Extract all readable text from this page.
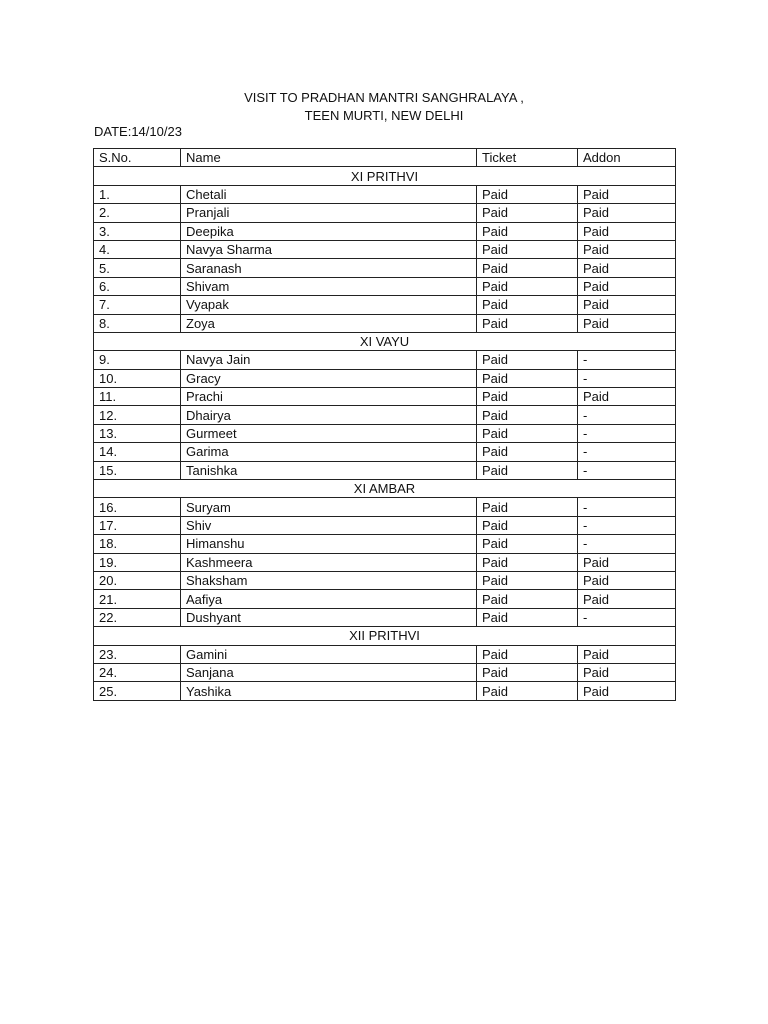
VISIT TO PRADHAN MANTRI SANGHRALAYA ,
TEEN MURTI, NEW DELHI
DATE:14/10/23
S.No.	Name	Ticket	Addon
XI PRITHVI			
1.	Chetali	Paid	Paid
2.	Pranjali	Paid	Paid
3.	Deepika	Paid	Paid
4.	Navya Sharma	Paid	Paid
5.	Saranash	Paid	Paid
6.	Shivam	Paid	Paid
7.	Vyapak	Paid	Paid
8.	Zoya	Paid	Paid
XI VAYU			
9.	Navya Jain	Paid	-
10.	Gracy	Paid	-
11.	Prachi	Paid	Paid
12.	Dhairya	Paid	-
13.	Gurmeet	Paid	-
14.	Garima	Paid	-
15.	Tanishka	Paid	-
XI AMBAR			
16.	Suryam	Paid	-
17.	Shiv	Paid	-
18.	Himanshu	Paid	-
19.	Kashmeera	Paid	Paid
20.	Shaksham	Paid	Paid
21.	Aafiya	Paid	Paid
22.	Dushyant	Paid	-
XII PRITHVI			
23.	Gamini	Paid	Paid
24.	Sanjana	Paid	Paid
25.	Yashika	Paid	Paid
